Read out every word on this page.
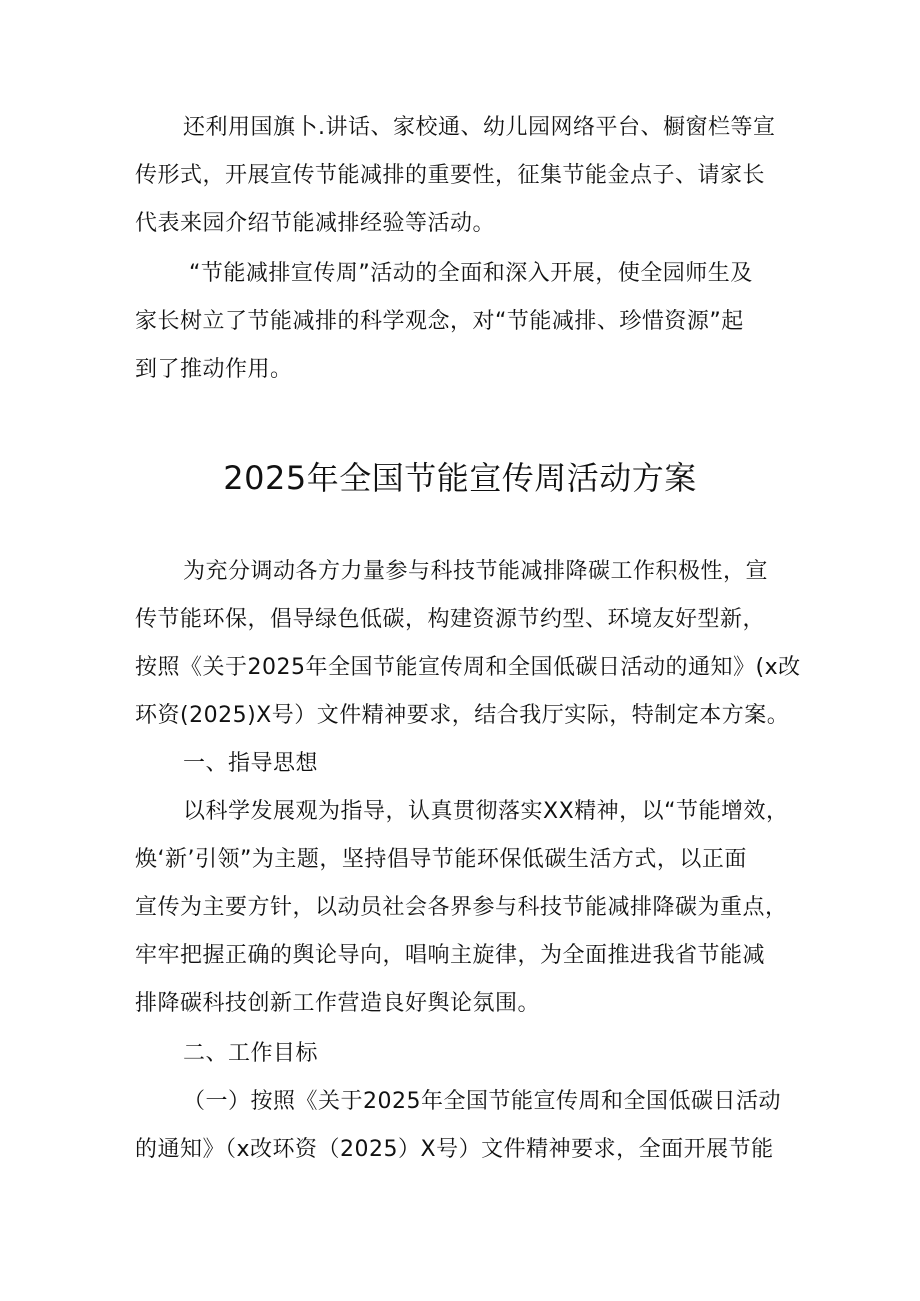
还利用国旗卜.讲话、家校通、幼儿园网络平台、橱窗栏等宣
传形式，开展宣传节能减排的重要性，征集节能金点子、请家长
代表来园介绍节能减排经验等活动。
“节能减排宣传周”活动的全面和深入开展，使全园师生及
家长树立了节能减排的科学观念，对“节能减排、珍惜资源”起
到了推动作用。
2025年全国节能宣传周活动方案
为充分调动各方力量参与科技节能减排降碳工作积极性，宣
传节能环保，倡导绿色低碳，构建资源节约型、环境友好型新，
按照《关于2025年全国节能宣传周和全国低碳日活动的通知》(x改
环资(2025)X号）文件精神要求，结合我厅实际，特制定本方案。
一、指导思想
以科学发展观为指导，认真贯彻落实XX精神，以“节能增效，
焕‘新’引领”为主题，坚持倡导节能环保低碳生活方式，以正面
宣传为主要方针，以动员社会各界参与科技节能减排降碳为重点，
牢牢把握正确的舆论导向，唱响主旋律，为全面推进我省节能减
排降碳科技创新工作营造良好舆论氛围。
二、工作目标
（一）按照《关于2025年全国节能宣传周和全国低碳日活动
的通知》（x改环资（2025）X号）文件精神要求，全面开展节能
